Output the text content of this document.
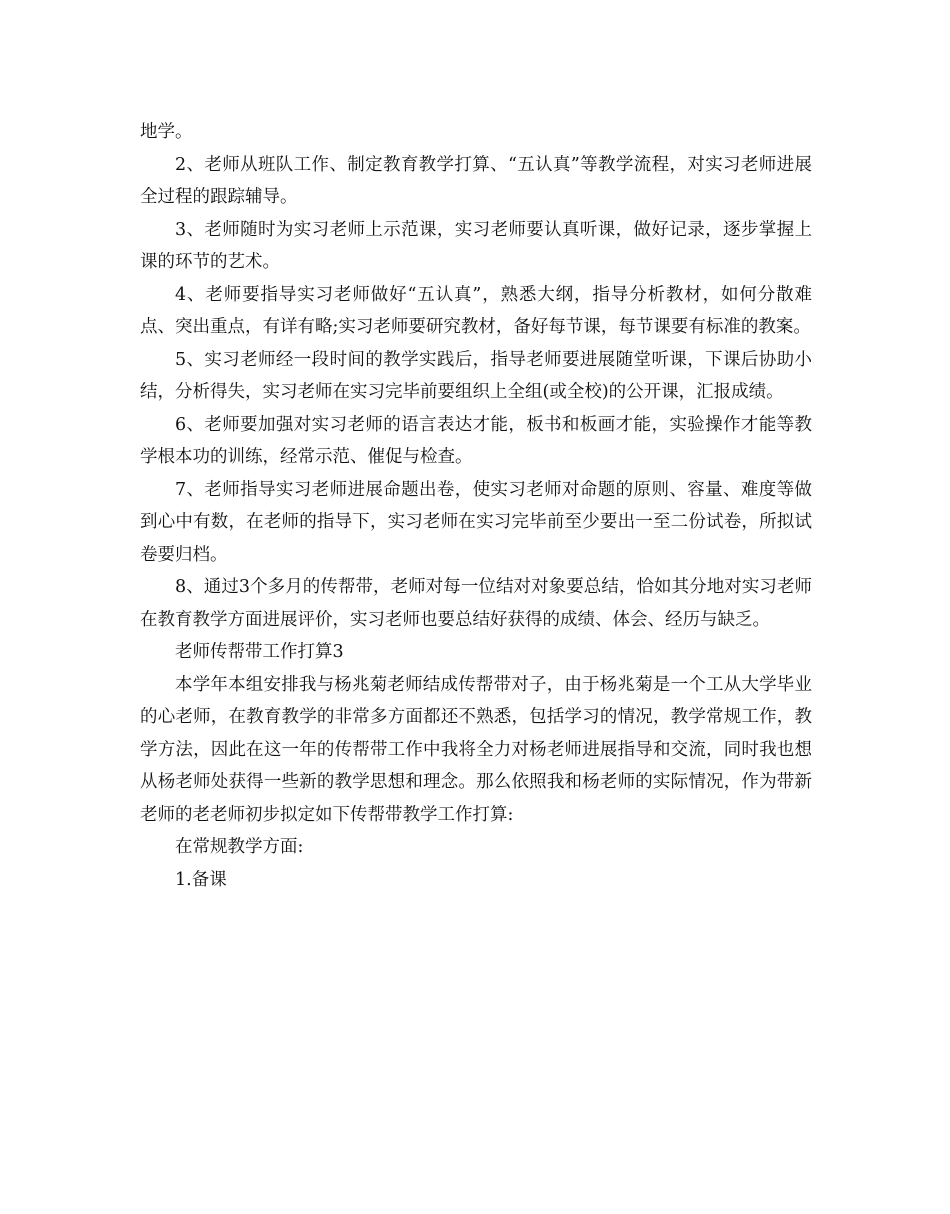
地学。

2、老师从班队工作、制定教育教学打算、“五认真”等教学流程，对实习老师进展全过程的跟踪辅导。

3、老师随时为实习老师上示范课，实习老师要认真听课，做好记录，逐步掌握上课的环节的艺术。

4、老师要指导实习老师做好“五认真”，熟悉大纲，指导分析教材，如何分散难点、突出重点，有详有略;实习老师要研究教材，备好每节课，每节课要有标准的教案。

5、实习老师经一段时间的教学实践后，指导老师要进展随堂听课，下课后协助小结，分析得失，实习老师在实习完毕前要组织上全组(或全校)的公开课，汇报成绩。

6、老师要加强对实习老师的语言表达才能，板书和板画才能，实验操作才能等教学根本功的训练，经常示范、催促与检查。

7、老师指导实习老师进展命题出卷，使实习老师对命题的原则、容量、难度等做到心中有数，在老师的指导下，实习老师在实习完毕前至少要出一至二份试卷，所拟试卷要归档。

8、通过3个多月的传帮带，老师对每一位结对对象要总结，恰如其分地对实习老师在教育教学方面进展评价，实习老师也要总结好获得的成绩、体会、经历与缺乏。

老师传帮带工作打算3

本学年本组安排我与杨兆菊老师结成传帮带对子，由于杨兆菊是一个工从大学毕业的心老师，在教育教学的非常多方面都还不熟悉，包括学习的情况，教学常规工作，教学方法，因此在这一年的传帮带工作中我将全力对杨老师进展指导和交流，同时我也想从杨老师处获得一些新的教学思想和理念。那么依照我和杨老师的实际情况，作为带新老师的老老师初步拟定如下传帮带教学工作打算:

在常规教学方面:

1.备课
